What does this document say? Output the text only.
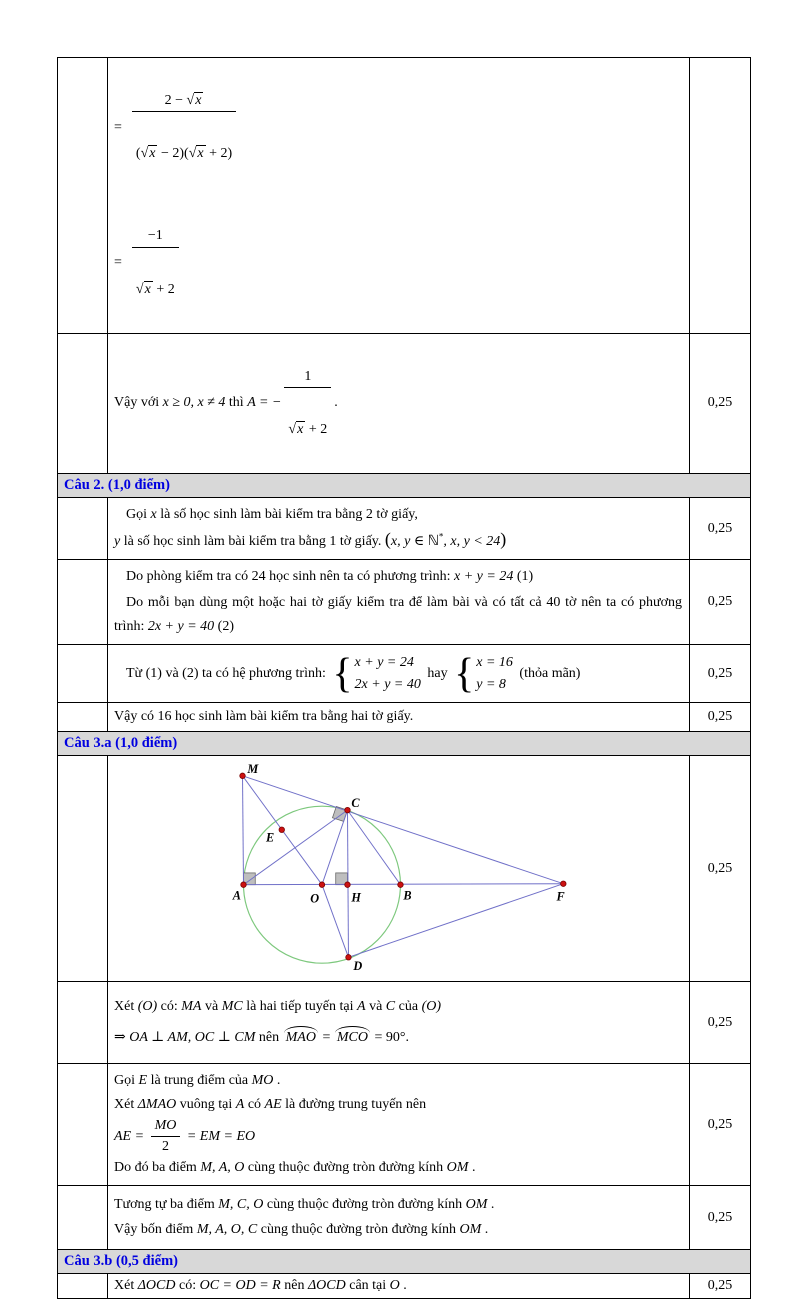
=

$\frac{2 - √x}{(√x - 2)(√x + 2)}$

=

$\frac{-1}{√x + 2}$

Vậy với x ≥ 0, x ≠ 4 thì A = −

$\frac{1}{√x + 2}$

.	0,25
Câu 2. (1,0 điểm)
Gọi x là số học sinh làm bài kiểm tra bằng 2 tờ giấy,
y là số học sinh làm bài kiểm tra bằng 1 tờ giấy. (x, y ∈ ℕ*, x, y < 24)
0,25
Do phòng kiểm tra có 24 học sinh nên ta có phương trình: x + y = 24 (1)
Do mỗi bạn dùng một hoặc hai tờ giấy kiểm tra để làm bài và có tất cả 40 tờ nên ta có phương trình: 2x + y = 40 (2)
0,25
Từ (1) và (2) ta có hệ phương trình: { x + y = 24
2x + y = 40
hay { x = 16
y = 8
(thỏa mãn)	0,25
Vậy có 16 học sinh làm bài kiểm tra bằng hai tờ giấy.	0,25
Câu 3.a (1,0 điểm)
M
A
E
O	H	B
C
D
F
0,25
Xét (O) có: MA và MC là hai tiếp tuyến tại A và C của (O)
⇒ OA ⊥ AM, OC ⊥ CM nên MAO = MCO = 90°.
0,25
Gọi E là trung điểm của MO .
Xét ΔMAO vuông tại A có AE là đường trung tuyến nên
AE = $\frac{MO}{2}$ = EM = EO
Do đó ba điểm M, A, O cùng thuộc đường tròn đường kính OM .
0,25
Tương tự ba điểm M, C, O cùng thuộc đường tròn đường kính OM .
Vậy bốn điểm M, A, O, C cùng thuộc đường tròn đường kính OM .
0,25
Câu 3.b (0,5 điểm)
Xét ΔOCD có: OC = OD = R nên ΔOCD cân tại O .	0,25
